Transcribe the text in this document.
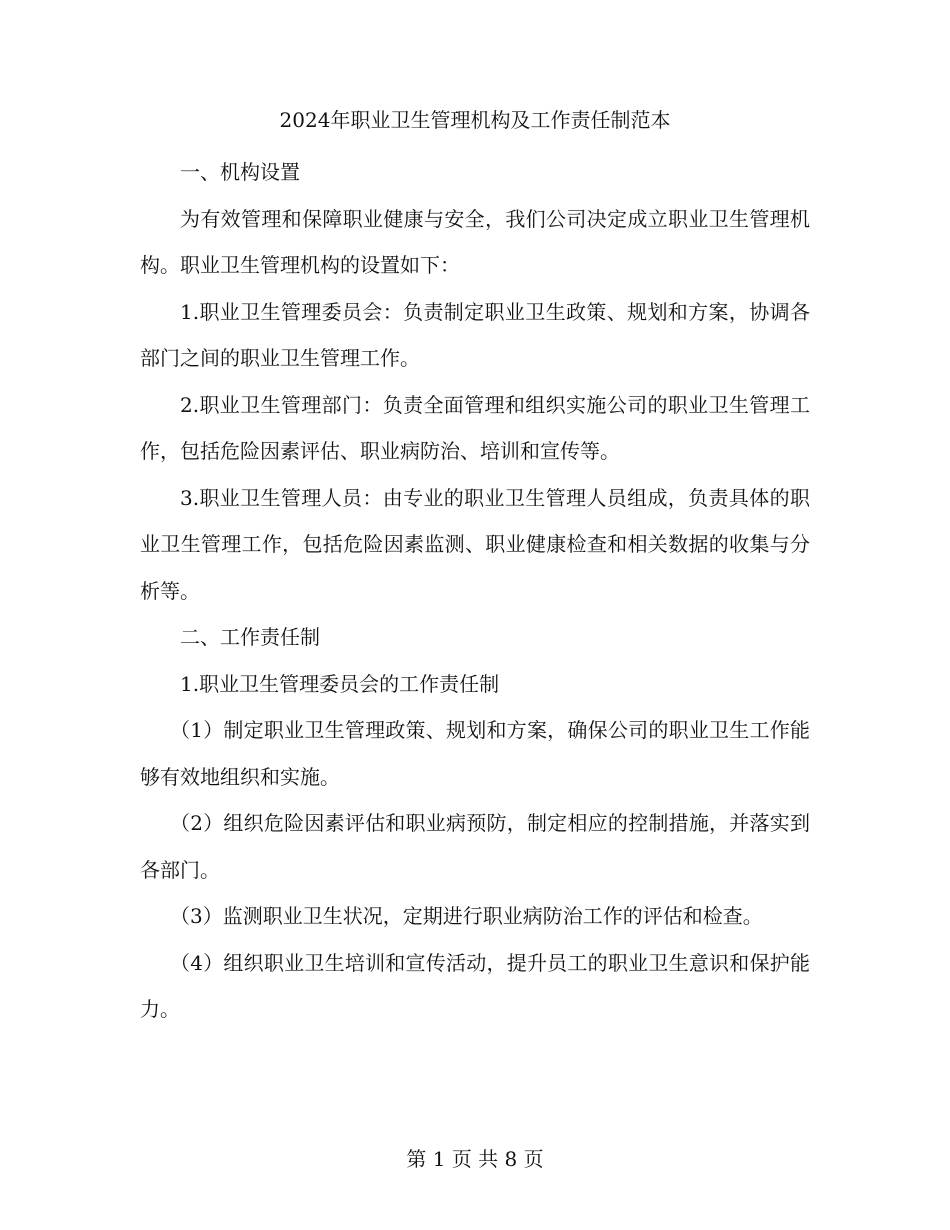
2024年职业卫生管理机构及工作责任制范本

一、机构设置

为有效管理和保障职业健康与安全，我们公司决定成立职业卫生管理机构。职业卫生管理机构的设置如下：

1.职业卫生管理委员会：负责制定职业卫生政策、规划和方案，协调各部门之间的职业卫生管理工作。

2.职业卫生管理部门：负责全面管理和组织实施公司的职业卫生管理工作，包括危险因素评估、职业病防治、培训和宣传等。

3.职业卫生管理人员：由专业的职业卫生管理人员组成，负责具体的职业卫生管理工作，包括危险因素监测、职业健康检查和相关数据的收集与分析等。

二、工作责任制

1.职业卫生管理委员会的工作责任制

（1）制定职业卫生管理政策、规划和方案，确保公司的职业卫生工作能够有效地组织和实施。

（2）组织危险因素评估和职业病预防，制定相应的控制措施，并落实到各部门。

（3）监测职业卫生状况，定期进行职业病防治工作的评估和检查。

（4）组织职业卫生培训和宣传活动，提升员工的职业卫生意识和保护能力。

第 1 页 共 8 页
